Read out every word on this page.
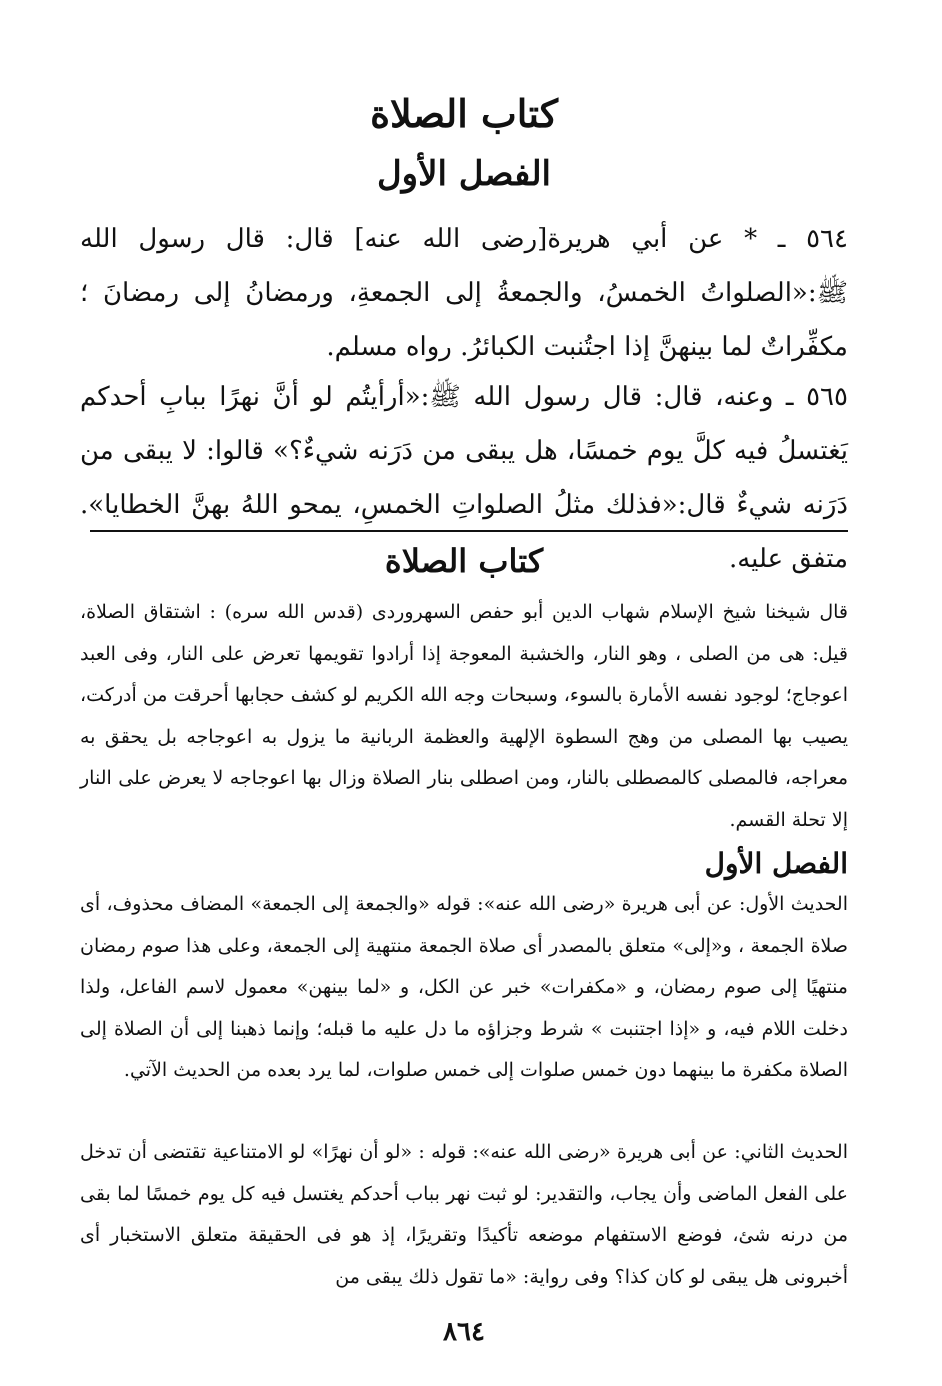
كتاب الصلاة
الفصل الأول

٥٦٤ ـ * عن أبي هريرة[رضى الله عنه] قال: قال رسول الله ﷺ:«الصلواتُ الخمسُ، والجمعةُ إلى الجمعةِ، ورمضانُ إلى رمضانَ ؛ مكفِّراتٌ لما بينهنَّ إذا اجتُنبت الكبائرُ. رواه مسلم.

٥٦٥ ـ وعنه، قال: قال رسول الله ﷺ:«أرأيتُم لو أنَّ نهرًا ببابِ أحدكم يَغتسلُ فيه كلَّ يوم خمسًا، هل يبقى من دَرَنه شيءٌ؟» قالوا: لا يبقى من دَرَنه شيءٌ قال:«فذلك مثلُ الصلواتِ الخمسِ، يمحو اللهُ بهنَّ الخطايا». متفق عليه.

كتاب الصلاة

قال شيخنا شيخ الإسلام شهاب الدين أبو حفص السهروردى (قدس الله سره) : اشتقاق الصلاة، قيل: هى من الصلى ، وهو النار، والخشبة المعوجة إذا أرادوا تقويمها تعرض على النار، وفى العبد اعوجاج؛ لوجود نفسه الأمارة بالسوء، وسبحات وجه الله الكريم لو كشف حجابها أحرقت من أدركت، يصيب بها المصلى من وهج السطوة الإلهية والعظمة الربانية ما يزول به اعوجاجه بل يحقق به معراجه، فالمصلى كالمصطلى بالنار، ومن اصطلى بنار الصلاة وزال بها اعوجاجه لا يعرض على النار إلا تحلة القسم.

الفصل الأول

الحديث الأول: عن أبى هريرة «رضى الله عنه»: قوله «والجمعة إلى الجمعة» المضاف محذوف، أى صلاة الجمعة ، و«إلى» متعلق بالمصدر أى صلاة الجمعة منتهية إلى الجمعة، وعلى هذا صوم رمضان منتهيًا إلى صوم رمضان، و «مكفرات» خبر عن الكل، و «لما بينهن» معمول لاسم الفاعل، ولذا دخلت اللام فيه، و «إذا اجتنبت » شرط وجزاؤه ما دل عليه ما قبله؛ وإنما ذهبنا إلى أن الصلاة إلى الصلاة مكفرة ما بينهما دون خمس صلوات إلى خمس صلوات، لما يرد بعده من الحديث الآتي.

الحديث الثاني: عن أبى هريرة «رضى الله عنه»: قوله : «لو أن نهرًا» لو الامتناعية تقتضى أن تدخل على الفعل الماضى وأن يجاب، والتقدير: لو ثبت نهر بباب أحدكم يغتسل فيه كل يوم خمسًا لما بقى من درنه شئ، فوضع الاستفهام موضعه تأكيدًا وتقريرًا، إذ هو فى الحقيقة متعلق الاستخبار أى أخبرونى هل يبقى لو كان كذا؟ وفى رواية: «ما تقول ذلك يبقى من

٨٦٤
